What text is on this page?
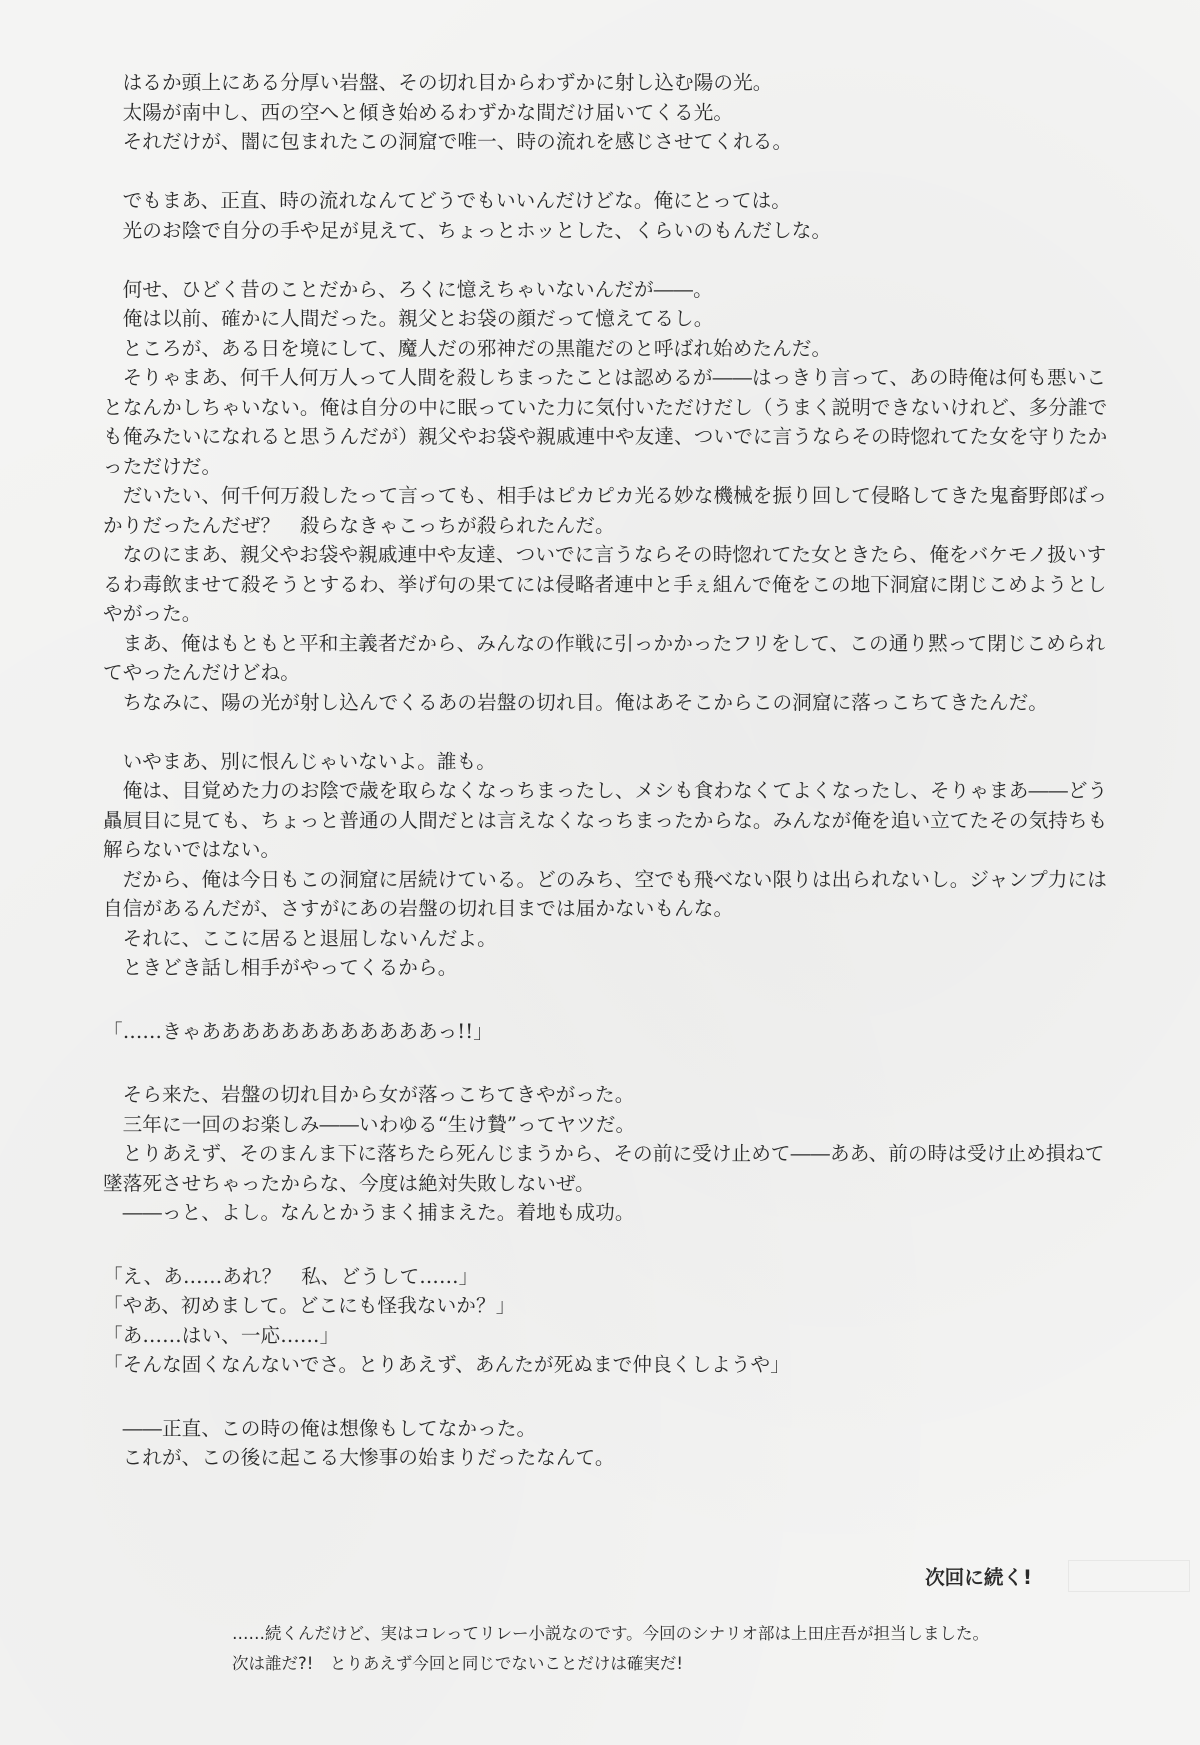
はるか頭上にある分厚い岩盤、その切れ目からわずかに射し込む陽の光。

太陽が南中し、西の空へと傾き始めるわずかな間だけ届いてくる光。

それだけが、闇に包まれたこの洞窟で唯一、時の流れを感じさせてくれる。

でもまあ、正直、時の流れなんてどうでもいいんだけどな。俺にとっては。

光のお陰で自分の手や足が見えて、ちょっとホッとした、くらいのもんだしな。

何せ、ひどく昔のことだから、ろくに憶えちゃいないんだが――。

俺は以前、確かに人間だった。親父とお袋の顔だって憶えてるし。

ところが、ある日を境にして、魔人だの邪神だの黒龍だのと呼ばれ始めたんだ。

そりゃまあ、何千人何万人って人間を殺しちまったことは認めるが――はっきり言って、あの時俺は何も悪いことなんかしちゃいない。俺は自分の中に眠っていた力に気付いただけだし（うまく説明できないけれど、多分誰でも俺みたいになれると思うんだが）親父やお袋や親戚連中や友達、ついでに言うならその時惚れてた女を守りたかっただけだ。

だいたい、何千何万殺したって言っても、相手はピカピカ光る妙な機械を振り回して侵略してきた鬼畜野郎ばっかりだったんだぜ？　殺らなきゃこっちが殺られたんだ。

なのにまあ、親父やお袋や親戚連中や友達、ついでに言うならその時惚れてた女ときたら、俺をバケモノ扱いするわ毒飲ませて殺そうとするわ、挙げ句の果てには侵略者連中と手ぇ組んで俺をこの地下洞窟に閉じこめようとしやがった。

まあ、俺はもともと平和主義者だから、みんなの作戦に引っかかったフリをして、この通り黙って閉じこめられてやったんだけどね。

ちなみに、陽の光が射し込んでくるあの岩盤の切れ目。俺はあそこからこの洞窟に落っこちてきたんだ。

いやまあ、別に恨んじゃいないよ。誰も。

俺は、目覚めた力のお陰で歳を取らなくなっちまったし、メシも食わなくてよくなったし、そりゃまあ――どう贔屓目に見ても、ちょっと普通の人間だとは言えなくなっちまったからな。みんなが俺を追い立てたその気持ちも解らないではない。

だから、俺は今日もこの洞窟に居続けている。どのみち、空でも飛べない限りは出られないし。ジャンプ力には自信があるんだが、さすがにあの岩盤の切れ目までは届かないもんな。

それに、ここに居ると退屈しないんだよ。

ときどき話し相手がやってくるから。

「……きゃああああああああああああっ!!」

そら来た、岩盤の切れ目から女が落っこちてきやがった。

三年に一回のお楽しみ――いわゆる“生け贄”ってヤツだ。

とりあえず、そのまんま下に落ちたら死んじまうから、その前に受け止めて――ああ、前の時は受け止め損ねて墜落死させちゃったからな、今度は絶対失敗しないぜ。

――っと、よし。なんとかうまく捕まえた。着地も成功。

「え、あ……あれ？　私、どうして……」

「やあ、初めまして。どこにも怪我ないか？」

「あ……はい、一応……」

「そんな固くなんないでさ。とりあえず、あんたが死ぬまで仲良くしようや」

――正直、この時の俺は想像もしてなかった。

これが、この後に起こる大惨事の始まりだったなんて。

次回に続く!
……続くんだけど、実はコレってリレー小説なのです。今回のシナリオ部は上田庄吾が担当しました。
次は誰だ?!　とりあえず今回と同じでないことだけは確実だ!
